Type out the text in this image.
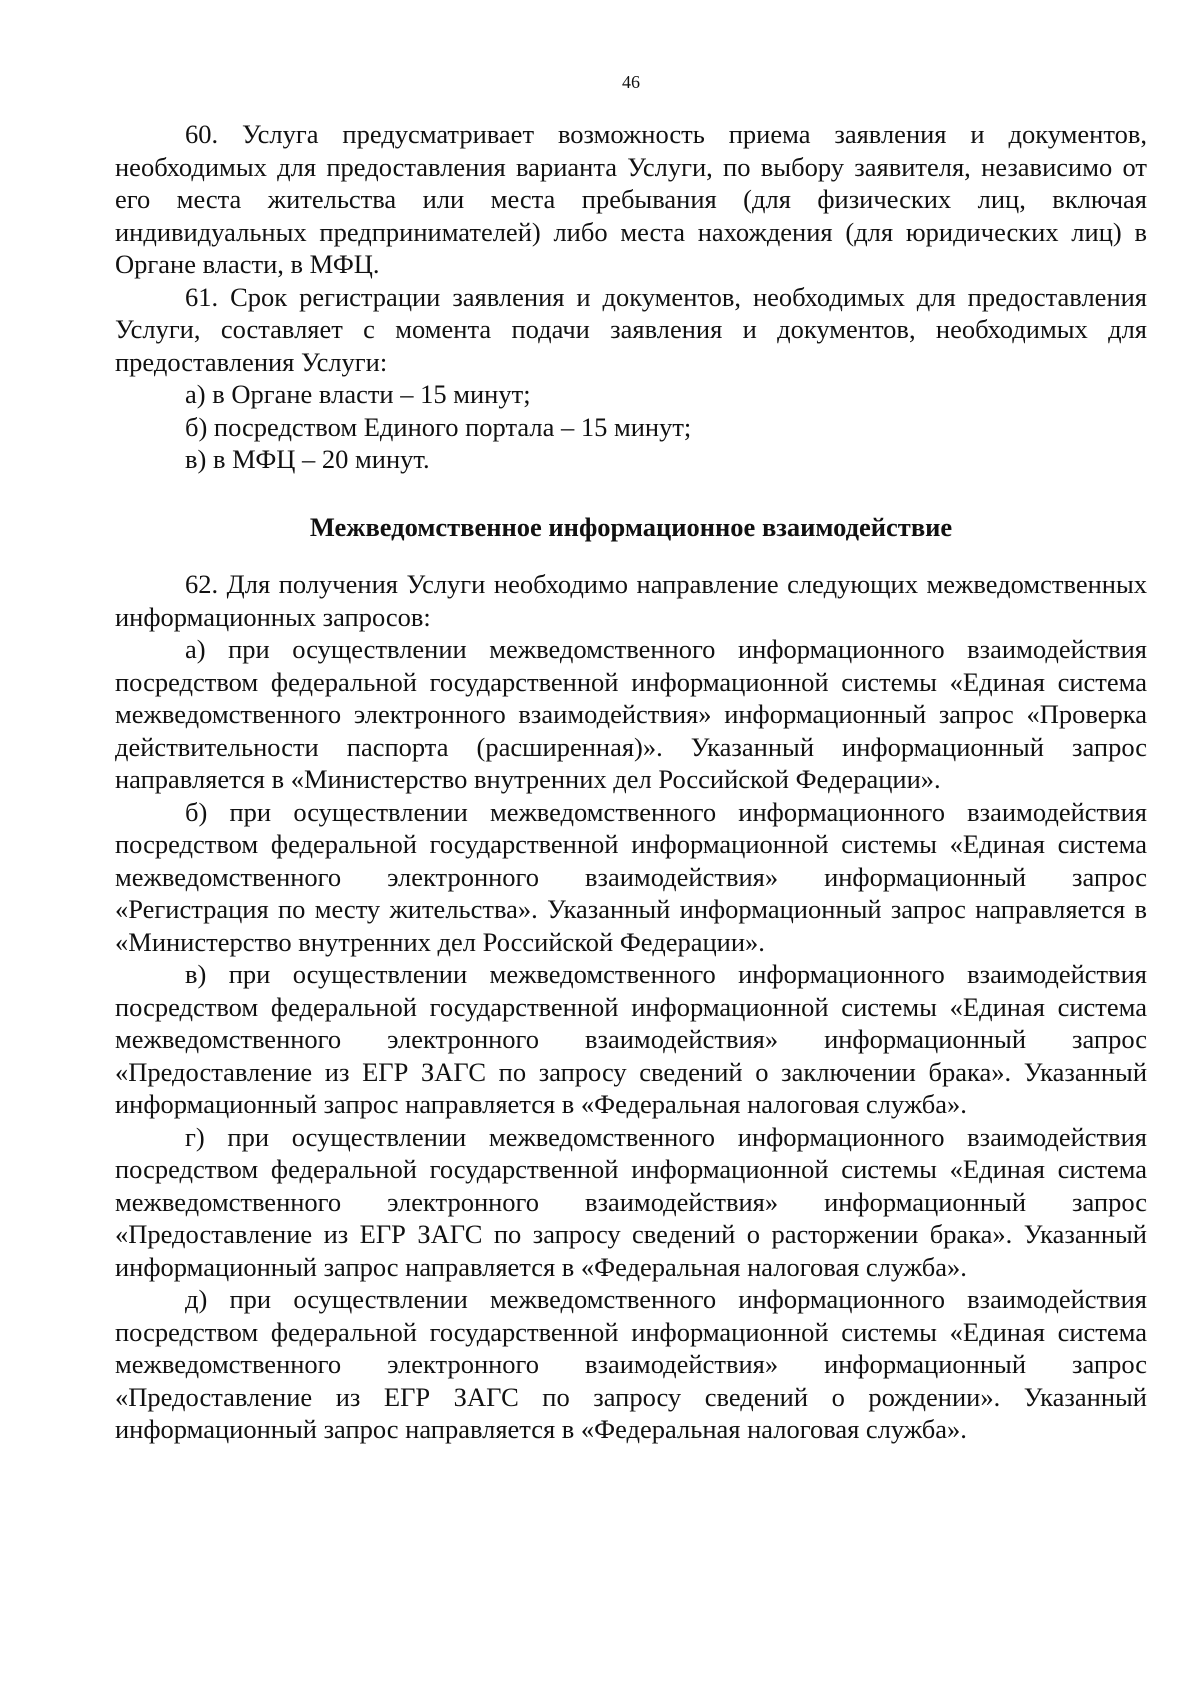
46

60. Услуга предусматривает возможность приема заявления и документов, необходимых для предоставления варианта Услуги, по выбору заявителя, независимо от его места жительства или места пребывания (для физических лиц, включая индивидуальных предпринимателей) либо места нахождения (для юридических лиц) в Органе власти, в МФЦ.

61. Срок регистрации заявления и документов, необходимых для предоставления Услуги, составляет с момента подачи заявления и документов, необходимых для предоставления Услуги:

а) в Органе власти – 15 минут;

б) посредством Единого портала – 15 минут;

в) в МФЦ – 20 минут.

Межведомственное информационное взаимодействие

62. Для получения Услуги необходимо направление следующих межведомственных информационных запросов:

а) при осуществлении межведомственного информационного взаимодействия посредством федеральной государственной информационной системы «Единая система межведомственного электронного взаимодействия» информационный запрос «Проверка действительности паспорта (расширенная)». Указанный информационный запрос направляется в «Министерство внутренних дел Российской Федерации».

б) при осуществлении межведомственного информационного взаимодействия посредством федеральной государственной информационной системы «Единая система межведомственного электронного взаимодействия» информационный запрос «Регистрация по месту жительства». Указанный информационный запрос направляется в «Министерство внутренних дел Российской Федерации».

в) при осуществлении межведомственного информационного взаимодействия посредством федеральной государственной информационной системы «Единая система межведомственного электронного взаимодействия» информационный запрос «Предоставление из ЕГР ЗАГС по запросу сведений о заключении брака». Указанный информационный запрос направляется в «Федеральная налоговая служба».

г) при осуществлении межведомственного информационного взаимодействия посредством федеральной государственной информационной системы «Единая система межведомственного электронного взаимодействия» информационный запрос «Предоставление из ЕГР ЗАГС по запросу сведений о расторжении брака». Указанный информационный запрос направляется в «Федеральная налоговая служба».

д) при осуществлении межведомственного информационного взаимодействия посредством федеральной государственной информационной системы «Единая система межведомственного электронного взаимодействия» информационный запрос «Предоставление из ЕГР ЗАГС по запросу сведений о рождении». Указанный информационный запрос направляется в «Федеральная налоговая служба».
